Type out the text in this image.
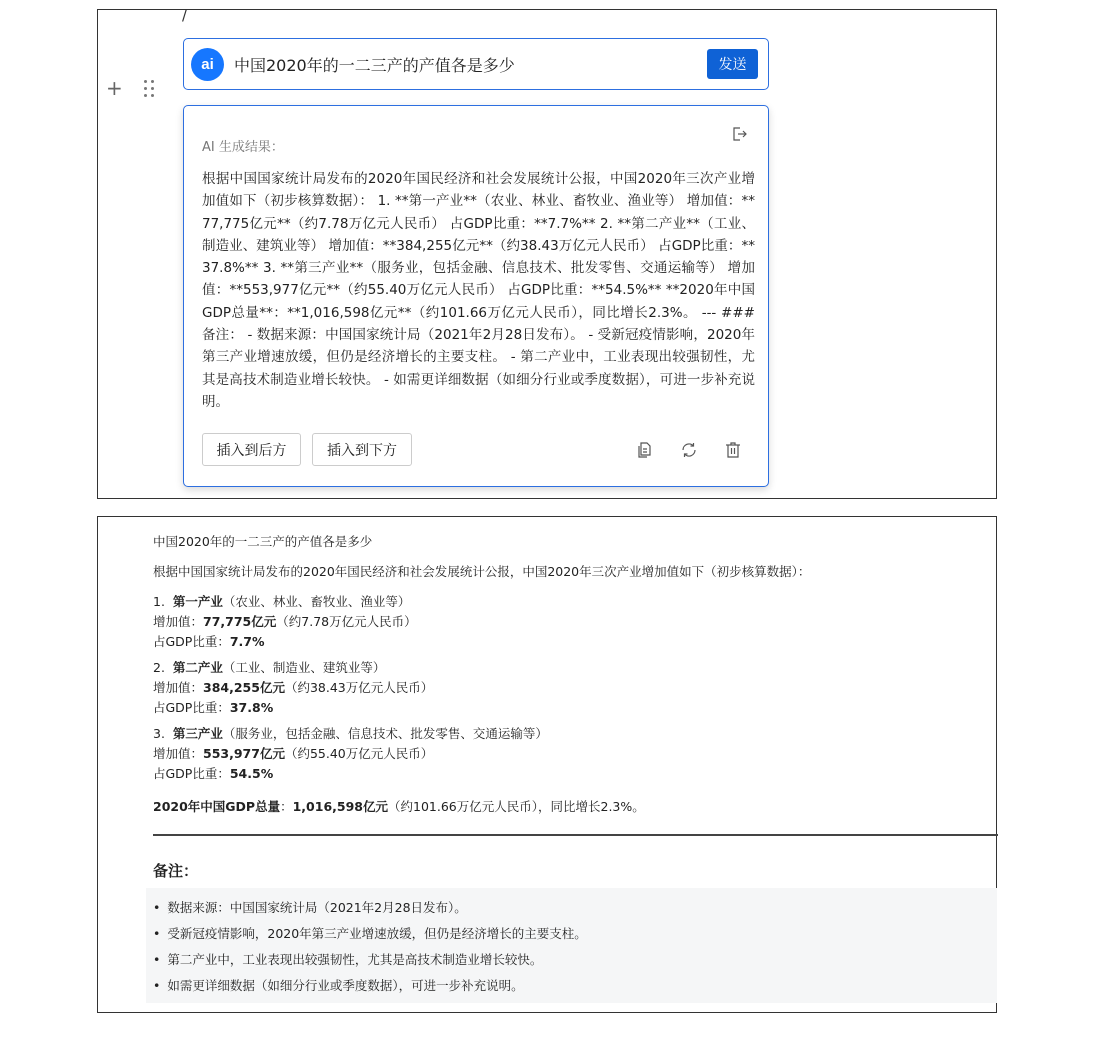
/
+
ai	中国2020年的一二三产的产值各是多少	发送
AI 生成结果：
根据中国国家统计局发布的2020年国民经济和社会发展统计公报，中国2020年三次产业增加值如下（初步核算数据）： 1. **第一产业**（农业、林业、畜牧业、渔业等） 增加值：**77,775亿元**（约7.78万亿元人民币） 占GDP比重：**7.7%** 2. **第二产业**（工业、制造业、建筑业等） 增加值：**384,255亿元**（约38.43万亿元人民币） 占GDP比重：**37.8%** 3. **第三产业**（服务业，包括金融、信息技术、批发零售、交通运输等） 增加值：**553,977亿元**（约55.40万亿元人民币） 占GDP比重：**54.5%** **2020年中国GDP总量**：**1,016,598亿元**（约101.66万亿元人民币），同比增长2.3%。 --- ### 备注： - 数据来源：中国国家统计局（2021年2月28日发布）。 - 受新冠疫情影响，2020年第三产业增速放缓，但仍是经济增长的主要支柱。 - 第二产业中，工业表现出较强韧性，尤其是高技术制造业增长较快。 - 如需更详细数据（如细分行业或季度数据），可进一步补充说明。
插入到后方	插入到下方

中国2020年的一二三产的产值各是多少

根据中国国家统计局发布的2020年国民经济和社会发展统计公报，中国2020年三次产业增加值如下（初步核算数据）：

1. 第一产业（农业、林业、畜牧业、渔业等）
增加值：77,775亿元（约7.78万亿元人民币）
占GDP比重：7.7%
2. 第二产业（工业、制造业、建筑业等）
增加值：384,255亿元（约38.43万亿元人民币）
占GDP比重：37.8%
3. 第三产业（服务业，包括金融、信息技术、批发零售、交通运输等）
增加值：553,977亿元（约55.40万亿元人民币）
占GDP比重：54.5%

2020年中国GDP总量：1,016,598亿元（约101.66万亿元人民币），同比增长2.3%。

备注：
• 数据来源：中国国家统计局（2021年2月28日发布）。
• 受新冠疫情影响，2020年第三产业增速放缓，但仍是经济增长的主要支柱。
• 第二产业中，工业表现出较强韧性，尤其是高技术制造业增长较快。
• 如需更详细数据（如细分行业或季度数据），可进一步补充说明。
